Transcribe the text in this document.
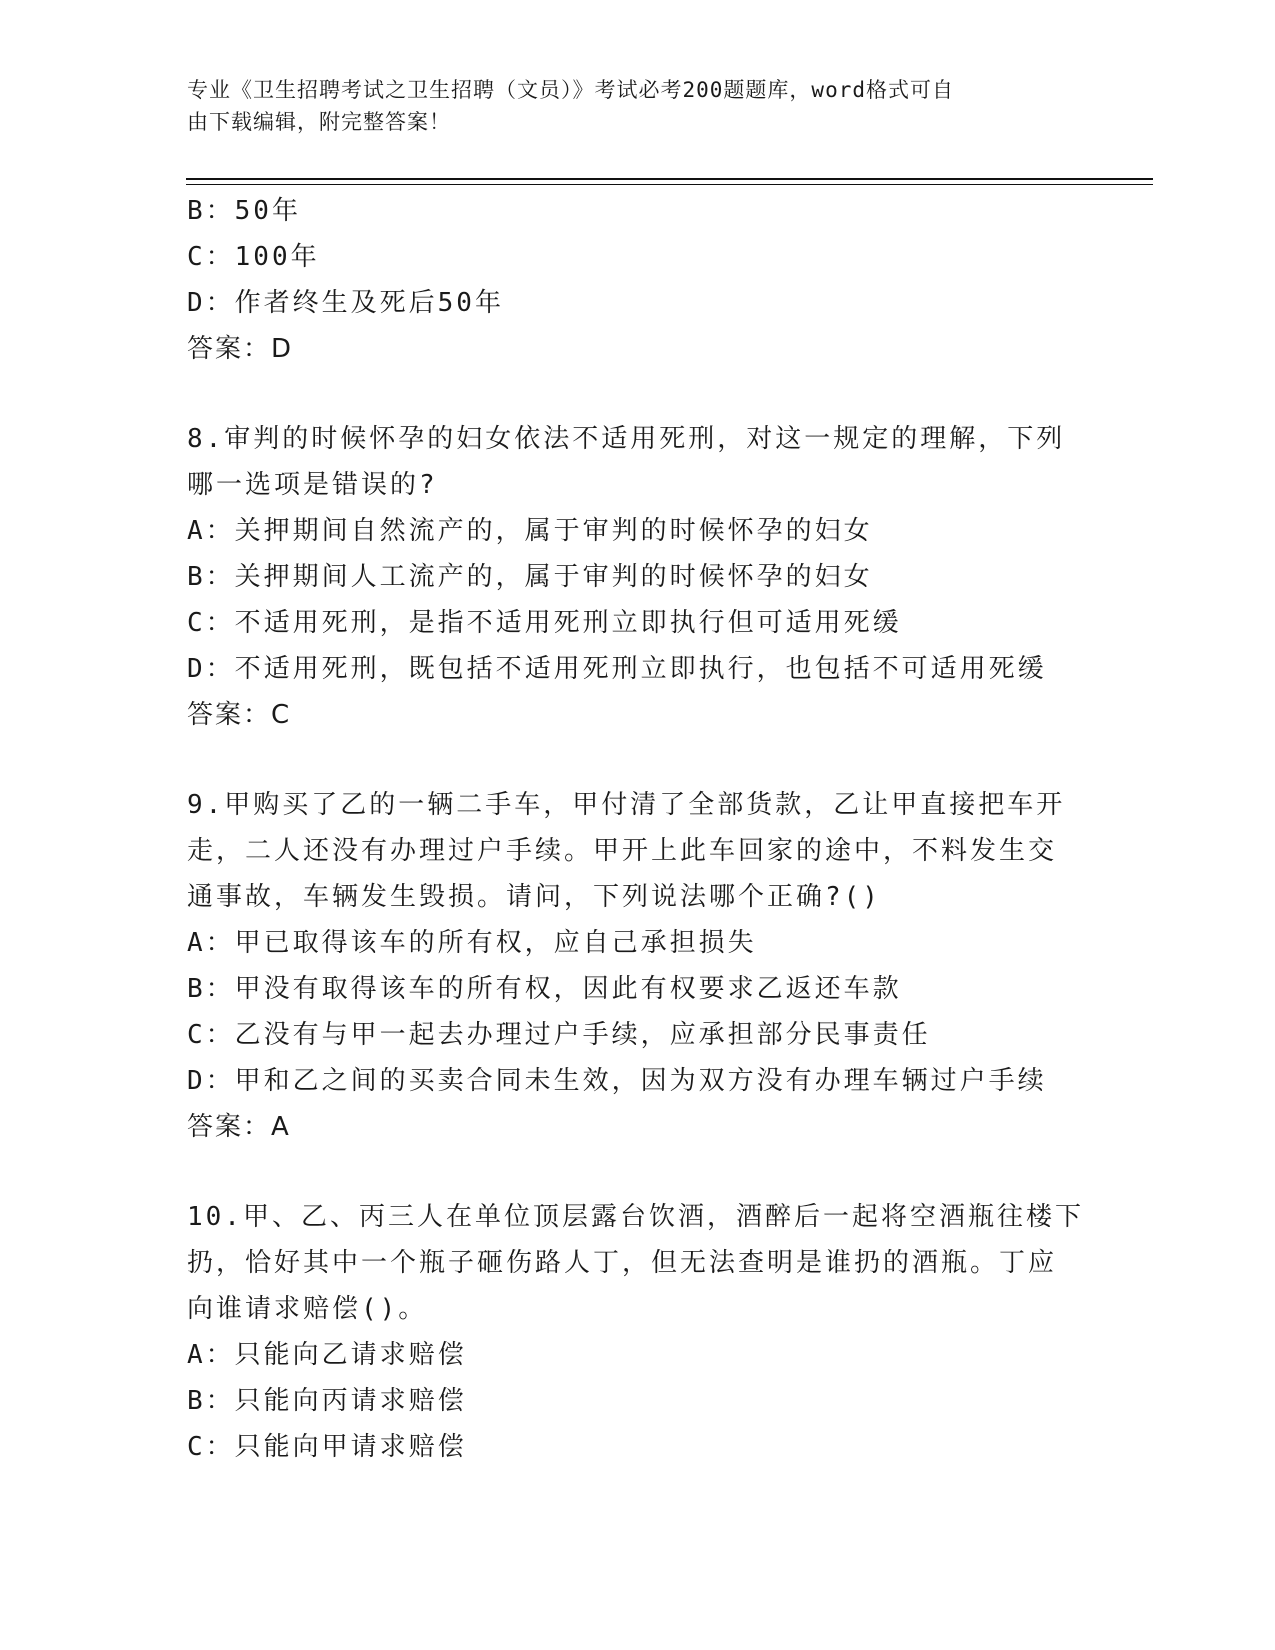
专业《卫生招聘考试之卫生招聘（文员）》考试必考200题题库，word格式可自
由下载编辑，附完整答案！
B：50年
C：100年
D：作者终生及死后50年
答案：D
8.审判的时候怀孕的妇女依法不适用死刑，对这一规定的理解，下列
哪一选项是错误的?
A：关押期间自然流产的，属于审判的时候怀孕的妇女
B：关押期间人工流产的，属于审判的时候怀孕的妇女
C：不适用死刑，是指不适用死刑立即执行但可适用死缓
D：不适用死刑，既包括不适用死刑立即执行，也包括不可适用死缓
答案：C
9.甲购买了乙的一辆二手车，甲付清了全部货款，乙让甲直接把车开
走，二人还没有办理过户手续。甲开上此车回家的途中，不料发生交
通事故，车辆发生毁损。请问，下列说法哪个正确?()
A：甲已取得该车的所有权，应自己承担损失
B：甲没有取得该车的所有权，因此有权要求乙返还车款
C：乙没有与甲一起去办理过户手续，应承担部分民事责任
D：甲和乙之间的买卖合同未生效，因为双方没有办理车辆过户手续
答案：A
10.甲、乙、丙三人在单位顶层露台饮酒，酒醉后一起将空酒瓶往楼下
扔，恰好其中一个瓶子砸伤路人丁，但无法查明是谁扔的酒瓶。丁应
向谁请求赔偿()。
A：只能向乙请求赔偿
B：只能向丙请求赔偿
C：只能向甲请求赔偿
